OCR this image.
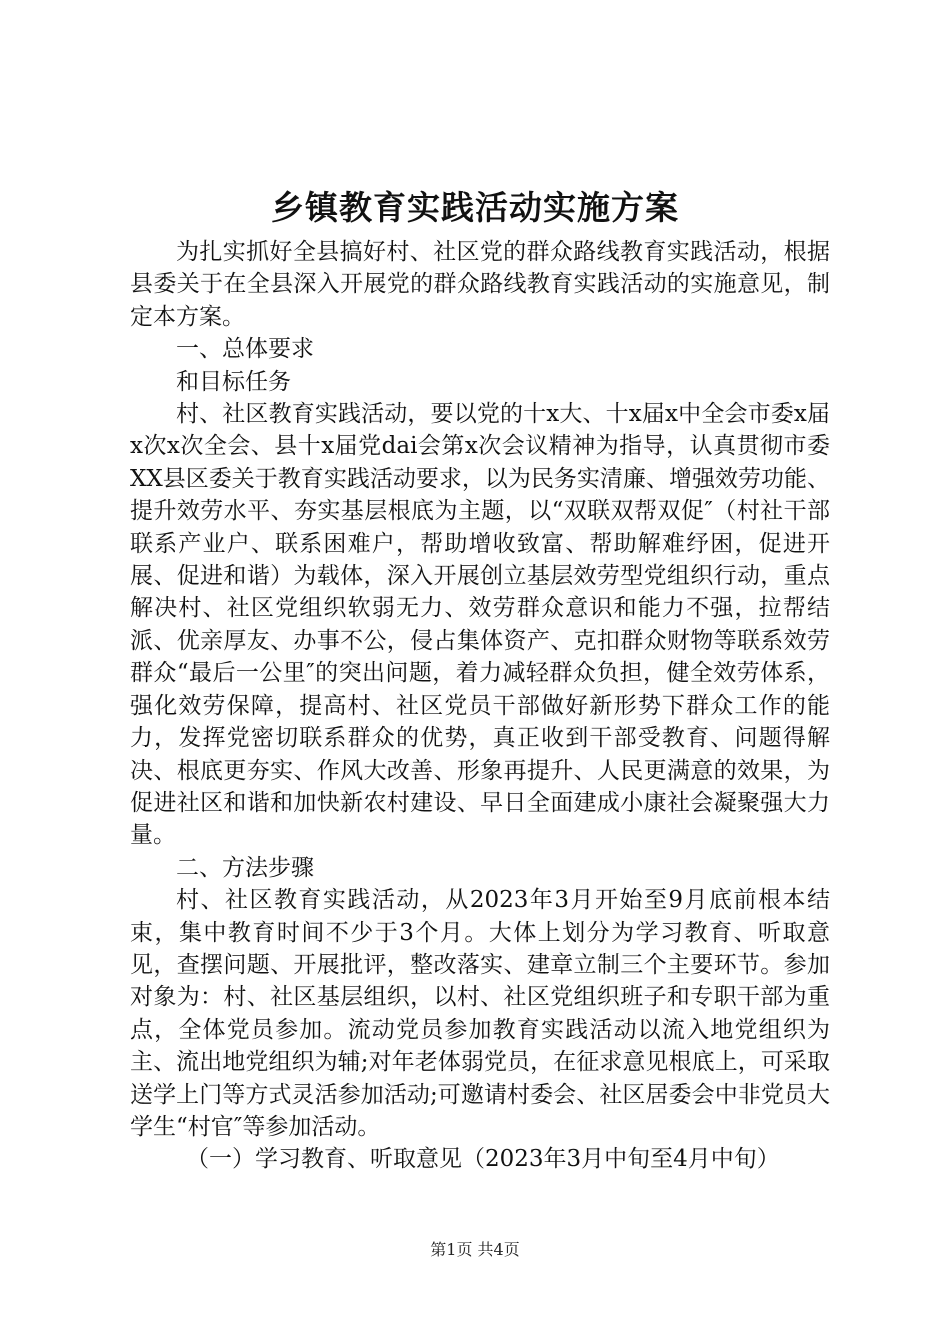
乡镇教育实践活动实施方案

为扎实抓好全县搞好村、社区党的群众路线教育实践活动，根据县委关于在全县深入开展党的群众路线教育实践活动的实施意见，制定本方案。

一、总体要求

和目标任务

村、社区教育实践活动，要以党的十x大、十x届x中全会市委x届x次x次全会、县十x届党dai会第x次会议精神为指导，认真贯彻市委XX县区委关于教育实践活动要求，以为民务实清廉、增强效劳功能、提升效劳水平、夯实基层根底为主题，以“双联双帮双促″（村社干部联系产业户、联系困难户，帮助增收致富、帮助解难纾困，促进开展、促进和谐）为载体，深入开展创立基层效劳型党组织行动，重点解决村、社区党组织软弱无力、效劳群众意识和能力不强，拉帮结派、优亲厚友、办事不公，侵占集体资产、克扣群众财物等联系效劳群众“最后一公里″的突出问题，着力减轻群众负担，健全效劳体系，强化效劳保障，提高村、社区党员干部做好新形势下群众工作的能力，发挥党密切联系群众的优势，真正收到干部受教育、问题得解决、根底更夯实、作风大改善、形象再提升、人民更满意的效果，为促进社区和谐和加快新农村建设、早日全面建成小康社会凝聚强大力量。

二、方法步骤

村、社区教育实践活动，从2023年3月开始至9月底前根本结束，集中教育时间不少于3个月。大体上划分为学习教育、听取意见，查摆问题、开展批评，整改落实、建章立制三个主要环节。参加对象为：村、社区基层组织，以村、社区党组织班子和专职干部为重点，全体党员参加。流动党员参加教育实践活动以流入地党组织为主、流出地党组织为辅;对年老体弱党员，在征求意见根底上，可采取送学上门等方式灵活参加活动;可邀请村委会、社区居委会中非党员大学生“村官″等参加活动。

（一）学习教育、听取意见（2023年3月中旬至4月中旬）

第1页 共4页
